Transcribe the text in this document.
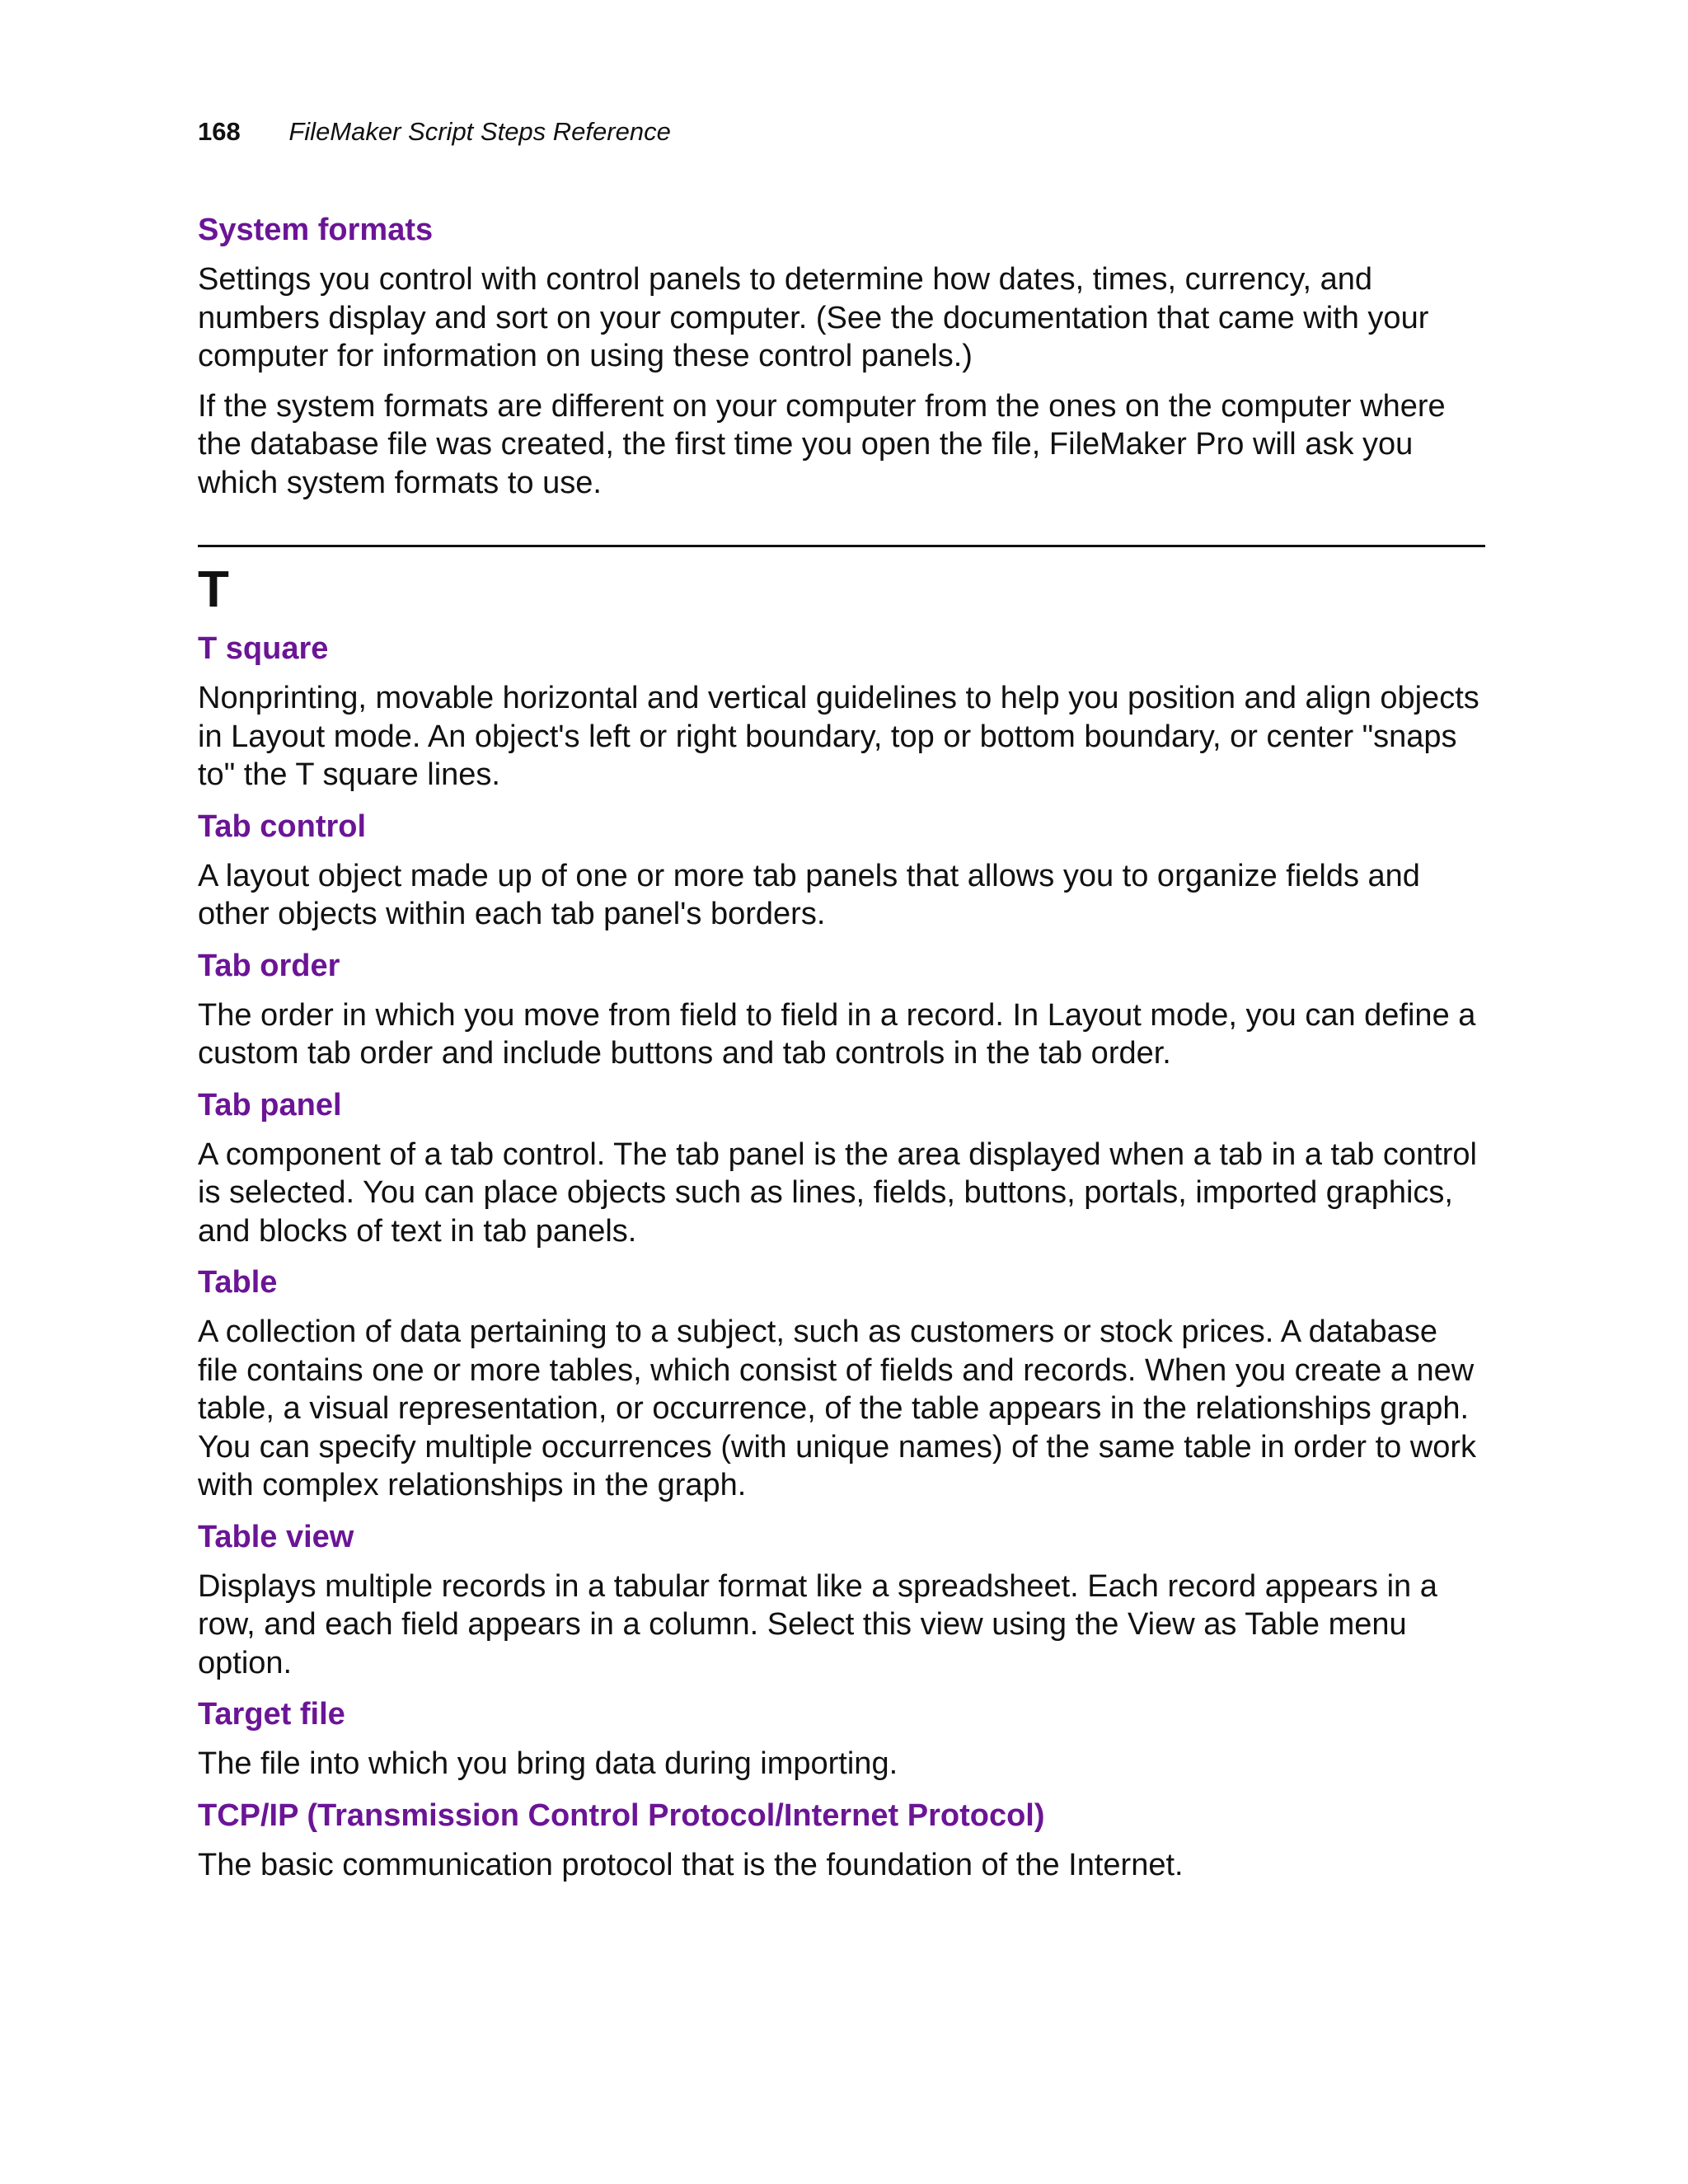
168 FileMaker Script Steps Reference
System formats

Settings you control with control panels to determine how dates, times, currency, and numbers display and sort on your computer. (See the documentation that came with your computer for information on using these control panels.)

If the system formats are different on your computer from the ones on the computer where the database file was created, the first time you open the file, FileMaker Pro will ask you which system formats to use.

T
T square

Nonprinting, movable horizontal and vertical guidelines to help you position and align objects in Layout mode. An object's left or right boundary, top or bottom boundary, or center "snaps to" the T square lines.

Tab control

A layout object made up of one or more tab panels that allows you to organize fields and other objects within each tab panel's borders.

Tab order

The order in which you move from field to field in a record. In Layout mode, you can define a custom tab order and include buttons and tab controls in the tab order.

Tab panel

A component of a tab control. The tab panel is the area displayed when a tab in a tab control is selected. You can place objects such as lines, fields, buttons, portals, imported graphics, and blocks of text in tab panels.

Table

A collection of data pertaining to a subject, such as customers or stock prices. A database file contains one or more tables, which consist of fields and records. When you create a new table, a visual representation, or occurrence, of the table appears in the relationships graph. You can specify multiple occurrences (with unique names) of the same table in order to work with complex relationships in the graph.

Table view

Displays multiple records in a tabular format like a spreadsheet. Each record appears in a row, and each field appears in a column. Select this view using the View as Table menu option.

Target file

The file into which you bring data during importing.

TCP/IP (Transmission Control Protocol/Internet Protocol)

The basic communication protocol that is the foundation of the Internet.
